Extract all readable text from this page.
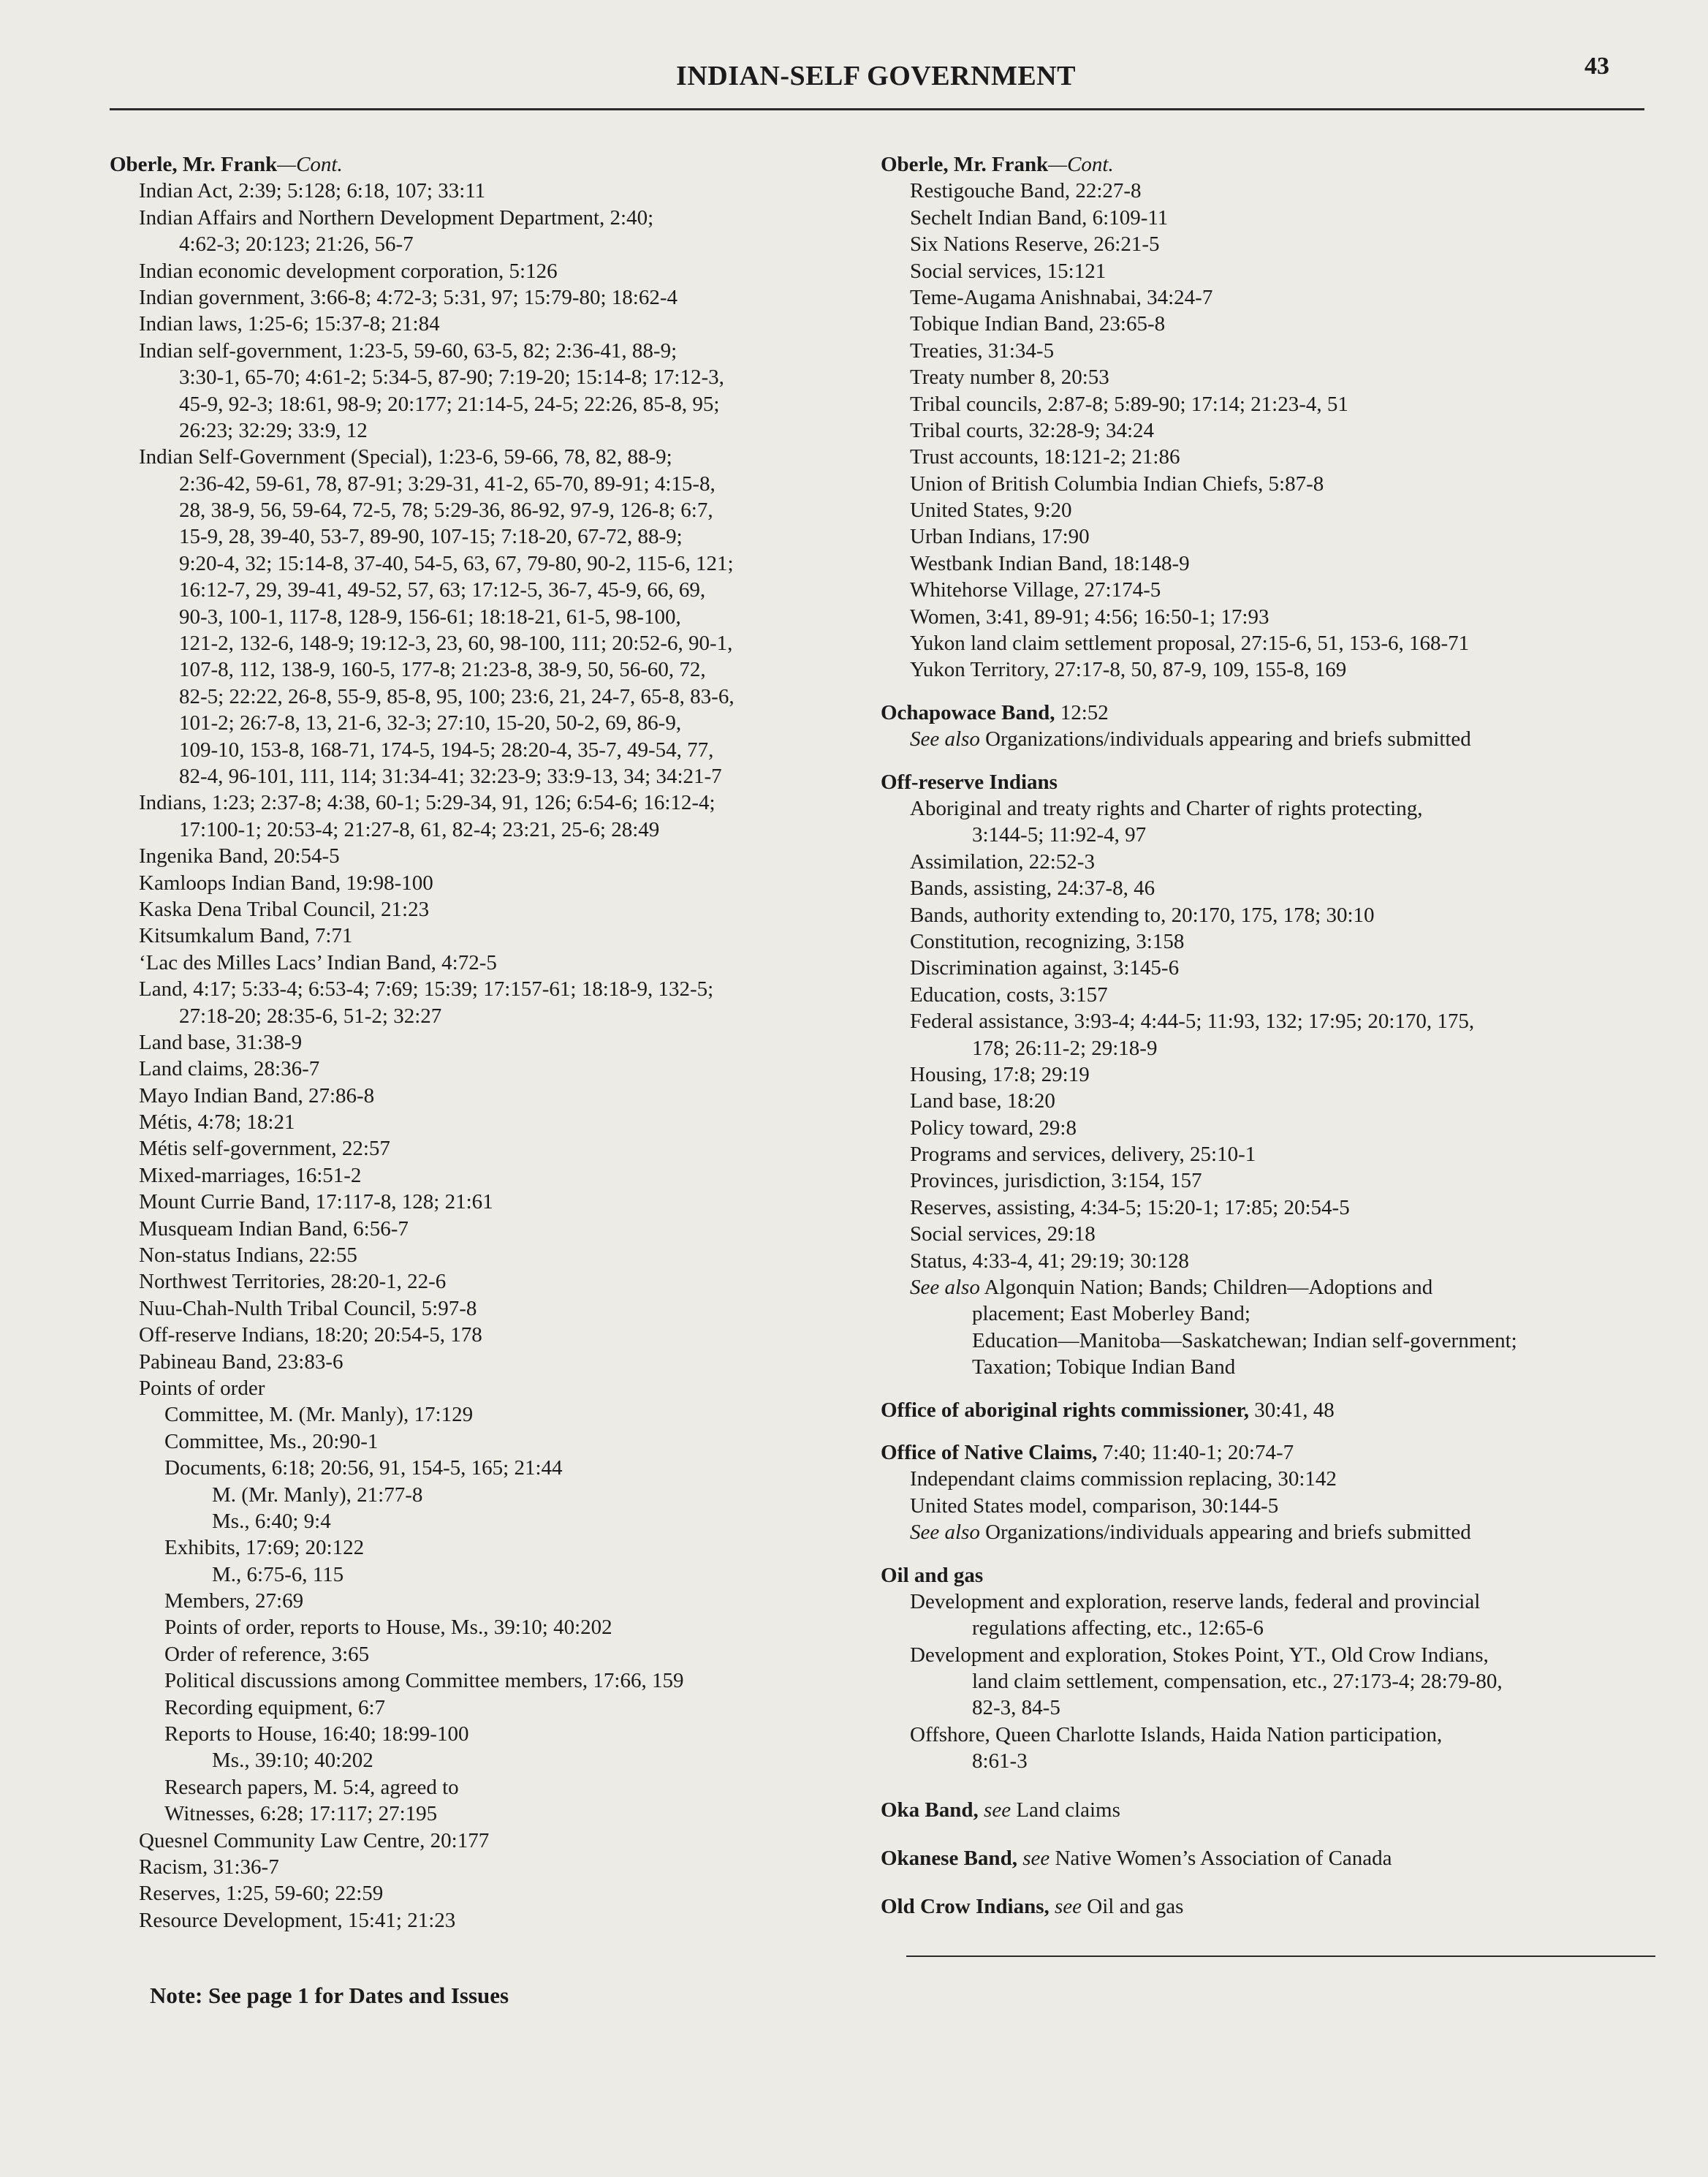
INDIAN-SELF GOVERNMENT	43
Oberle, Mr. Frank—Cont.
Indian Act, 2:39; 5:128; 6:18, 107; 33:11
Indian Affairs and Northern Development Department, 2:40;
4:62-3; 20:123; 21:26, 56-7
Indian economic development corporation, 5:126
Indian government, 3:66-8; 4:72-3; 5:31, 97; 15:79-80; 18:62-4
Indian laws, 1:25-6; 15:37-8; 21:84
Indian self-government, 1:23-5, 59-60, 63-5, 82; 2:36-41, 88-9;
3:30-1, 65-70; 4:61-2; 5:34-5, 87-90; 7:19-20; 15:14-8; 17:12-3,
45-9, 92-3; 18:61, 98-9; 20:177; 21:14-5, 24-5; 22:26, 85-8, 95;
26:23; 32:29; 33:9, 12
Indian Self-Government (Special), 1:23-6, 59-66, 78, 82, 88-9;
2:36-42, 59-61, 78, 87-91; 3:29-31, 41-2, 65-70, 89-91; 4:15-8,
28, 38-9, 56, 59-64, 72-5, 78; 5:29-36, 86-92, 97-9, 126-8; 6:7,
15-9, 28, 39-40, 53-7, 89-90, 107-15; 7:18-20, 67-72, 88-9;
9:20-4, 32; 15:14-8, 37-40, 54-5, 63, 67, 79-80, 90-2, 115-6, 121;
16:12-7, 29, 39-41, 49-52, 57, 63; 17:12-5, 36-7, 45-9, 66, 69,
90-3, 100-1, 117-8, 128-9, 156-61; 18:18-21, 61-5, 98-100,
121-2, 132-6, 148-9; 19:12-3, 23, 60, 98-100, 111; 20:52-6, 90-1,
107-8, 112, 138-9, 160-5, 177-8; 21:23-8, 38-9, 50, 56-60, 72,
82-5; 22:22, 26-8, 55-9, 85-8, 95, 100; 23:6, 21, 24-7, 65-8, 83-6,
101-2; 26:7-8, 13, 21-6, 32-3; 27:10, 15-20, 50-2, 69, 86-9,
109-10, 153-8, 168-71, 174-5, 194-5; 28:20-4, 35-7, 49-54, 77,
82-4, 96-101, 111, 114; 31:34-41; 32:23-9; 33:9-13, 34; 34:21-7
Indians, 1:23; 2:37-8; 4:38, 60-1; 5:29-34, 91, 126; 6:54-6; 16:12-4;
17:100-1; 20:53-4; 21:27-8, 61, 82-4; 23:21, 25-6; 28:49
Ingenika Band, 20:54-5
Kamloops Indian Band, 19:98-100
Kaska Dena Tribal Council, 21:23
Kitsumkalum Band, 7:71
‘Lac des Milles Lacs’ Indian Band, 4:72-5
Land, 4:17; 5:33-4; 6:53-4; 7:69; 15:39; 17:157-61; 18:18-9, 132-5;
27:18-20; 28:35-6, 51-2; 32:27
Land base, 31:38-9
Land claims, 28:36-7
Mayo Indian Band, 27:86-8
Métis, 4:78; 18:21
Métis self-government, 22:57
Mixed-marriages, 16:51-2
Mount Currie Band, 17:117-8, 128; 21:61
Musqueam Indian Band, 6:56-7
Non-status Indians, 22:55
Northwest Territories, 28:20-1, 22-6
Nuu-Chah-Nulth Tribal Council, 5:97-8
Off-reserve Indians, 18:20; 20:54-5, 178
Pabineau Band, 23:83-6
Points of order
Committee, M. (Mr. Manly), 17:129
Committee, Ms., 20:90-1
Documents, 6:18; 20:56, 91, 154-5, 165; 21:44
M. (Mr. Manly), 21:77-8
Ms., 6:40; 9:4
Exhibits, 17:69; 20:122
M., 6:75-6, 115
Members, 27:69
Points of order, reports to House, Ms., 39:10; 40:202
Order of reference, 3:65
Political discussions among Committee members, 17:66, 159
Recording equipment, 6:7
Reports to House, 16:40; 18:99-100
Ms., 39:10; 40:202
Research papers, M. 5:4, agreed to
Witnesses, 6:28; 17:117; 27:195
Quesnel Community Law Centre, 20:177
Racism, 31:36-7
Reserves, 1:25, 59-60; 22:59
Resource Development, 15:41; 21:23
Oberle, Mr. Frank—Cont.
Restigouche Band, 22:27-8
Sechelt Indian Band, 6:109-11
Six Nations Reserve, 26:21-5
Social services, 15:121
Teme-Augama Anishnabai, 34:24-7
Tobique Indian Band, 23:65-8
Treaties, 31:34-5
Treaty number 8, 20:53
Tribal councils, 2:87-8; 5:89-90; 17:14; 21:23-4, 51
Tribal courts, 32:28-9; 34:24
Trust accounts, 18:121-2; 21:86
Union of British Columbia Indian Chiefs, 5:87-8
United States, 9:20
Urban Indians, 17:90
Westbank Indian Band, 18:148-9
Whitehorse Village, 27:174-5
Women, 3:41, 89-91; 4:56; 16:50-1; 17:93
Yukon land claim settlement proposal, 27:15-6, 51, 153-6, 168-71
Yukon Territory, 27:17-8, 50, 87-9, 109, 155-8, 169
Ochapowace Band, 12:52
See also Organizations/individuals appearing and briefs submitted
Off-reserve Indians
Aboriginal and treaty rights and Charter of rights protecting,
3:144-5; 11:92-4, 97
Assimilation, 22:52-3
Bands, assisting, 24:37-8, 46
Bands, authority extending to, 20:170, 175, 178; 30:10
Constitution, recognizing, 3:158
Discrimination against, 3:145-6
Education, costs, 3:157
Federal assistance, 3:93-4; 4:44-5; 11:93, 132; 17:95; 20:170, 175,
178; 26:11-2; 29:18-9
Housing, 17:8; 29:19
Land base, 18:20
Policy toward, 29:8
Programs and services, delivery, 25:10-1
Provinces, jurisdiction, 3:154, 157
Reserves, assisting, 4:34-5; 15:20-1; 17:85; 20:54-5
Social services, 29:18
Status, 4:33-4, 41; 29:19; 30:128
See also Algonquin Nation; Bands; Children—Adoptions and
placement; East Moberley Band;
Education—Manitoba—Saskatchewan; Indian self-government;
Taxation; Tobique Indian Band
Office of aboriginal rights commissioner, 30:41, 48
Office of Native Claims, 7:40; 11:40-1; 20:74-7
Independant claims commission replacing, 30:142
United States model, comparison, 30:144-5
See also Organizations/individuals appearing and briefs submitted
Oil and gas
Development and exploration, reserve lands, federal and provincial
regulations affecting, etc., 12:65-6
Development and exploration, Stokes Point, YT., Old Crow Indians,
land claim settlement, compensation, etc., 27:173-4; 28:79-80,
82-3, 84-5
Offshore, Queen Charlotte Islands, Haida Nation participation,
8:61-3
Oka Band, see Land claims
Okanese Band, see Native Women’s Association of Canada
Old Crow Indians, see Oil and gas
Note: See page 1 for Dates and Issues
